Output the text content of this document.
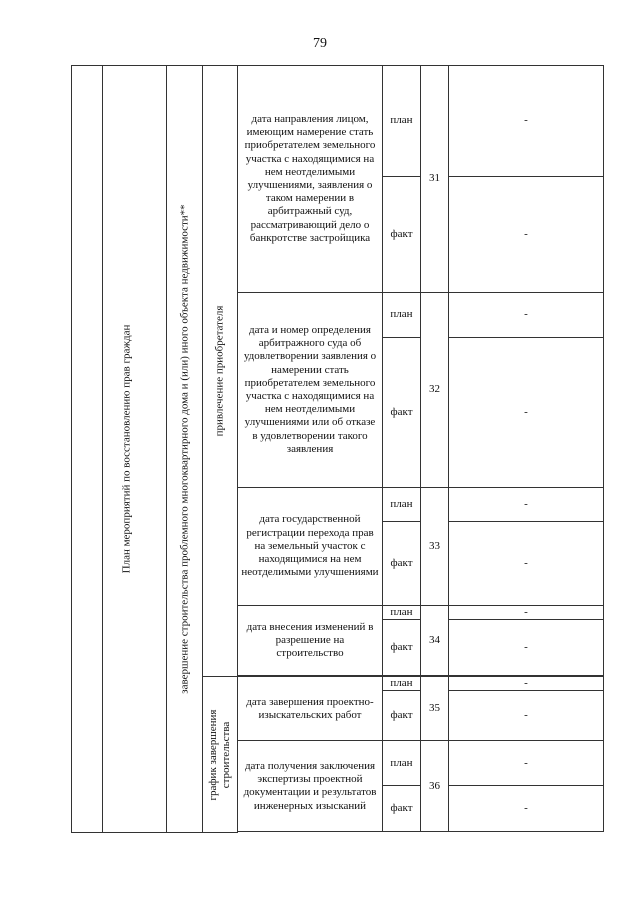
79

	План мероприятий по восстановлению прав граждан	завершение строительства проблемного многоквартирного дома и (или) иного объекта недвижимости**	привлечение приобретателя	дата направления лицом, имеющим намерение стать приобретателем земельного участка с находящимися на нем неотделимыми улучшениями, заявления о таком намерении в арбитражный суд, рассматривающий дело о банкротстве застройщика	план	31	-
					факт		-
				дата и номер определения арбитражного суда об удовлетворении заявления о намерении стать приобретателем земельного участка с находящимися на нем неотделимыми улучшениями или об отказе в удовлетворении такого заявления	план	32	-
					факт		-
				дата государственной регистрации перехода прав на земельный участок с находящимися на нем неотделимыми улучшениями	план	33	-
					факт		-
				дата внесения изменений в разрешение на строительство	план	34	-
					факт		-

			график завершения строительства	дата завершения проектно-изыскательских работ	план	35	-
					факт		-
				дата получения заключения экспертизы проектной документации и результатов инженерных изысканий	план	36	-
					факт		-
